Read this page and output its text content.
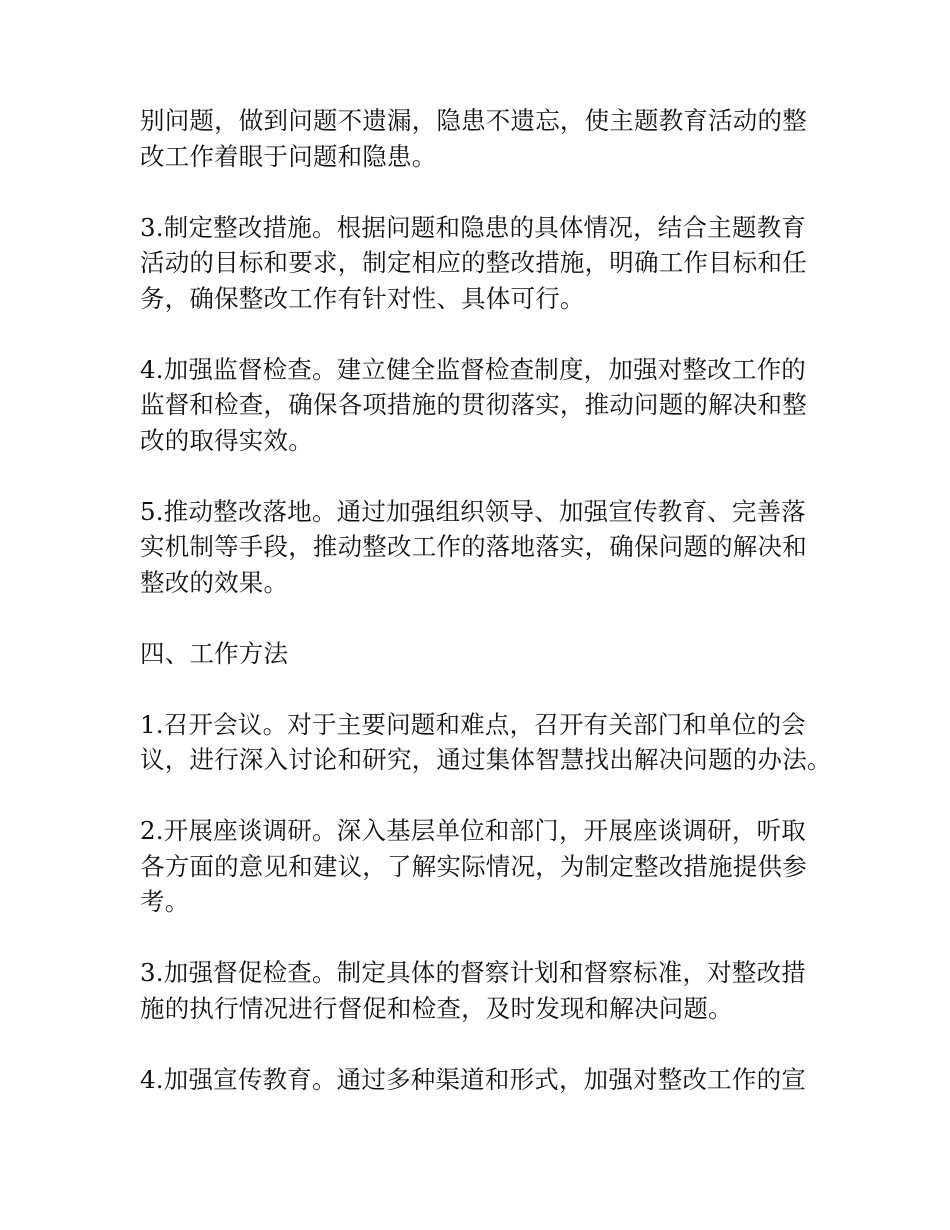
别问题，做到问题不遗漏，隐患不遗忘，使主题教育活动的整
改工作着眼于问题和隐患。

3.制定整改措施。根据问题和隐患的具体情况，结合主题教育
活动的目标和要求，制定相应的整改措施，明确工作目标和任
务，确保整改工作有针对性、具体可行。

4.加强监督检查。建立健全监督检查制度，加强对整改工作的
监督和检查，确保各项措施的贯彻落实，推动问题的解决和整
改的取得实效。

5.推动整改落地。通过加强组织领导、加强宣传教育、完善落
实机制等手段，推动整改工作的落地落实，确保问题的解决和
整改的效果。

四、工作方法

1.召开会议。对于主要问题和难点，召开有关部门和单位的会
议，进行深入讨论和研究，通过集体智慧找出解决问题的办法。

2.开展座谈调研。深入基层单位和部门，开展座谈调研，听取
各方面的意见和建议，了解实际情况，为制定整改措施提供参
考。

3.加强督促检查。制定具体的督察计划和督察标准，对整改措
施的执行情况进行督促和检查，及时发现和解决问题。

4.加强宣传教育。通过多种渠道和形式，加强对整改工作的宣
